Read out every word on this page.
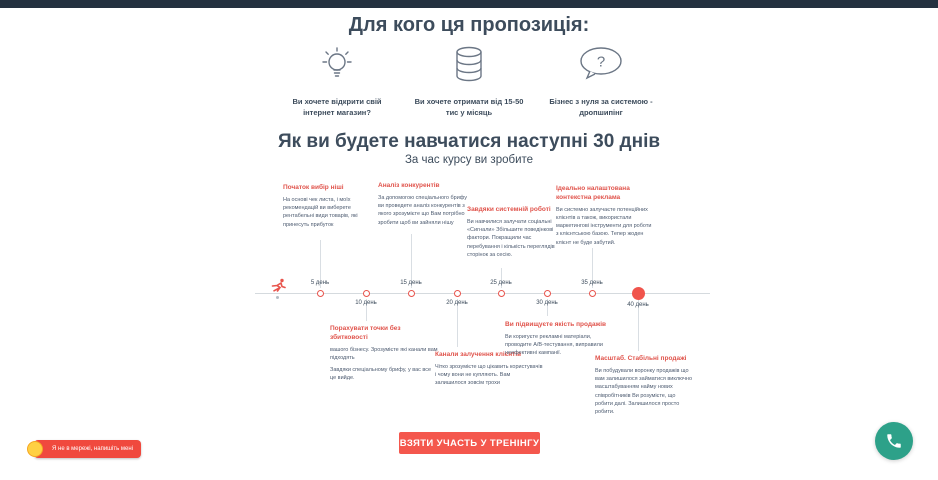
Для кого ця пропозиція:

Ви хочете відкрити свій інтернет магазин?

Ви хочете отримати від 15-50 тис у місяць

?

Бізнес з нуля за системою - дропшипінг

Як ви будете навчатися наступні 30 днів

За час курсу ви зробите

5 день
10 день
15 день
20 день
25 день
30 день
35 день
40 день
Початок вибір ніші

На основі чек листа, і моїх рекомендацій ви виберете рентабельні види товарів, які принесуть прибуток

Аналіз конкурентів

За допомогою спеціального брифу ви проведете аналіз конкурентів з якого зрозумієте що Вам потрібно зробити щоб ви зайняли нішу

Завдяки системній роботі

Ви навчилися залучати соціальні «Сигнали» Збільшите поведінкові фактори. Покращили час перебування і кількість переглядів сторінок за сесію.

Ідеально налаштована контекстна реклама

Ви системно залучаєте потенційних клієнтів а також, використали маркетингові інструменти для роботи з клієнтською базою. Тепер жоден клієнт не буде забутий.

Порахувати точки без збитковості

вашого бізнесу. Зрозумієте які канали вам підходять

Завдяки спеціальному брифу, у вас все це вийде.

Канали залучення клієнтів

Чітко зрозумієте що цікавить користувачів і чому вони не купляють. Вам залишилося зовсім трохи

Ви підвищуєте якість продажів

Ви коригуєте рекламні матеріали, проводите А/В-тестування, виправили неефективні кампанії.

Масштаб. Стабільні продажі

Ви побудували воронку продажів що вам залишилося займатися виключно масштабуванням найму нових співробітників Ви розумієте, що робити далі. Залишилося просто робити.

ВЗЯТИ УЧАСТЬ У ТРЕНІНГУ
Я не в мережі, напишіть мені
